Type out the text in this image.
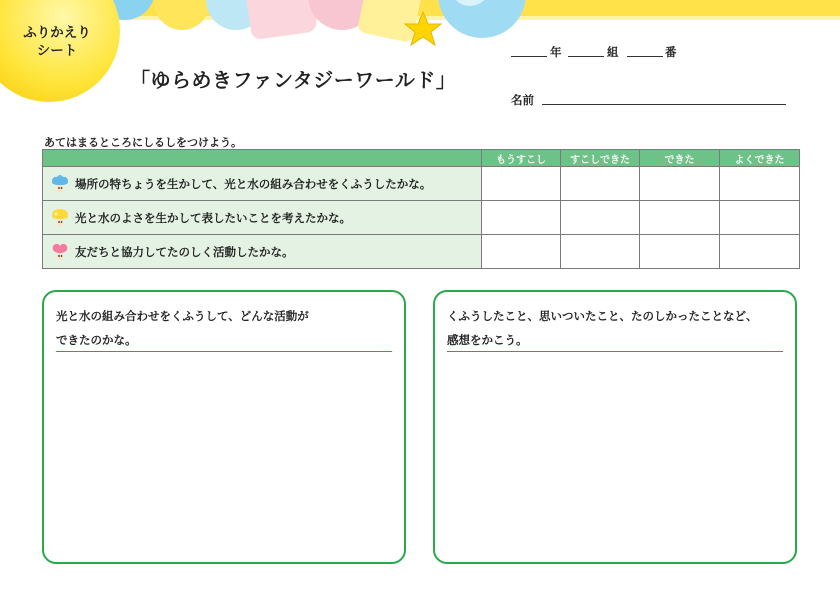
ふりかえり
シート
「ゆらめきファンタジーワールド」
年	組	番
名前
あてはまるところにしるしをつけよう。
	もうすこし	すこしできた	できた	よくできた
場所の特ちょうを生かして、光と水の組み合わせをくふうしたかな。				
光と水のよさを生かして表したいことを考えたかな。				
友だちと協力してたのしく活動したかな。				
光と水の組み合わせをくふうして、どんな活動が
できたのかな。
くふうしたこと、思いついたこと、たのしかったことなど、
感想をかこう。
